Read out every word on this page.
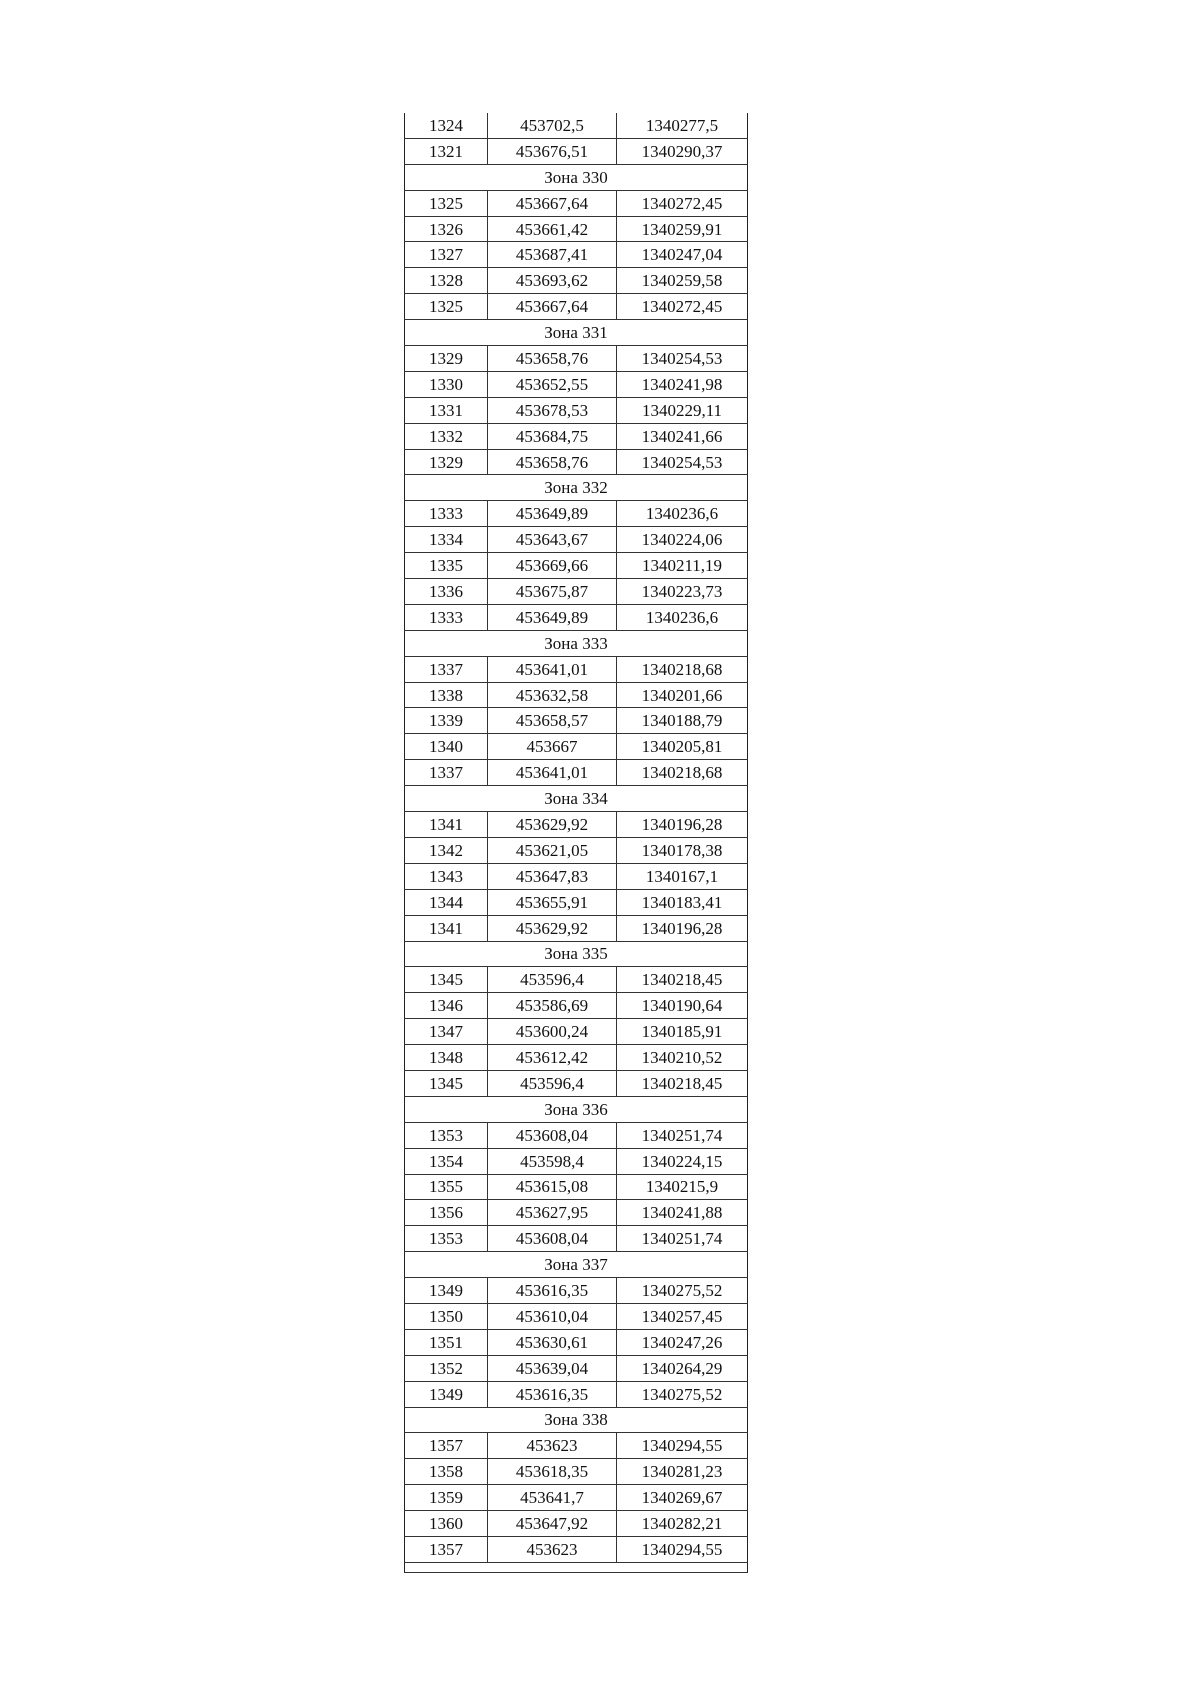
1324	453702,5	1340277,5
1321	453676,51	1340290,37
Зона 330		
1325	453667,64	1340272,45
1326	453661,42	1340259,91
1327	453687,41	1340247,04
1328	453693,62	1340259,58
1325	453667,64	1340272,45
Зона 331		
1329	453658,76	1340254,53
1330	453652,55	1340241,98
1331	453678,53	1340229,11
1332	453684,75	1340241,66
1329	453658,76	1340254,53
Зона 332		
1333	453649,89	1340236,6
1334	453643,67	1340224,06
1335	453669,66	1340211,19
1336	453675,87	1340223,73
1333	453649,89	1340236,6
Зона 333		
1337	453641,01	1340218,68
1338	453632,58	1340201,66
1339	453658,57	1340188,79
1340	453667	1340205,81
1337	453641,01	1340218,68
Зона 334		
1341	453629,92	1340196,28
1342	453621,05	1340178,38
1343	453647,83	1340167,1
1344	453655,91	1340183,41
1341	453629,92	1340196,28
Зона 335		
1345	453596,4	1340218,45
1346	453586,69	1340190,64
1347	453600,24	1340185,91
1348	453612,42	1340210,52
1345	453596,4	1340218,45
Зона 336		
1353	453608,04	1340251,74
1354	453598,4	1340224,15
1355	453615,08	1340215,9
1356	453627,95	1340241,88
1353	453608,04	1340251,74
Зона 337		
1349	453616,35	1340275,52
1350	453610,04	1340257,45
1351	453630,61	1340247,26
1352	453639,04	1340264,29
1349	453616,35	1340275,52
Зона 338		
1357	453623	1340294,55
1358	453618,35	1340281,23
1359	453641,7	1340269,67
1360	453647,92	1340282,21
1357	453623	1340294,55
